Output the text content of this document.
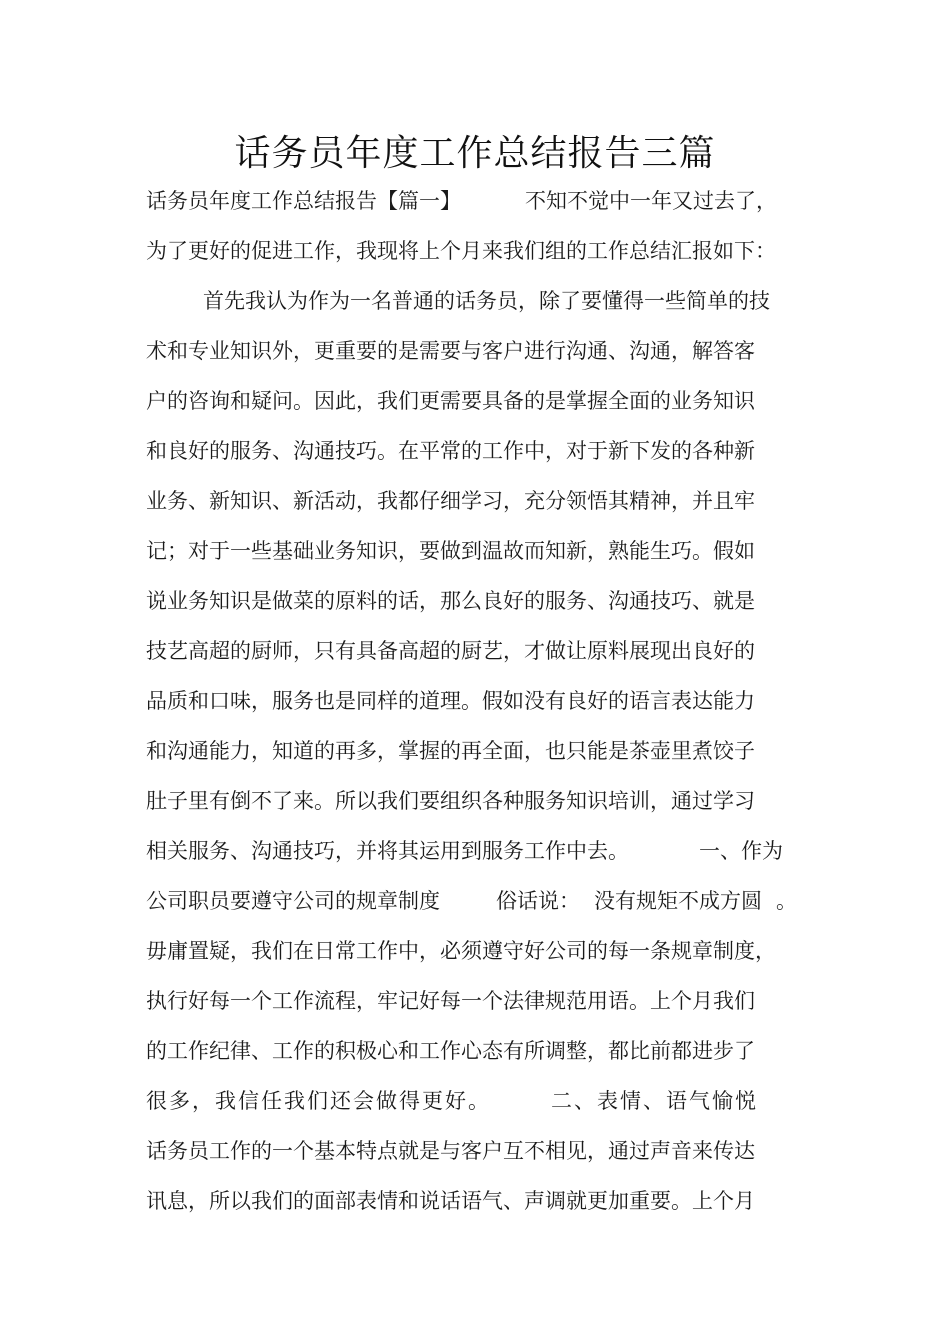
话务员年度工作总结报告三篇
话务员年度工作总结报告【篇一】	不知不觉中一年又过去了，
为了更好的促进工作，我现将上个月来我们组的工作总结汇报如下：
首先我认为作为一名普通的话务员，除了要懂得一些简单的技
术和专业知识外，更重要的是需要与客户进行沟通、沟通，解答客
户的咨询和疑问。因此，我们更需要具备的是掌握全面的业务知识
和良好的服务、沟通技巧。在平常的工作中，对于新下发的各种新
业务、新知识、新活动，我都仔细学习，充分领悟其精神，并且牢
记；对于一些基础业务知识，要做到温故而知新，熟能生巧。假如
说业务知识是做菜的原料的话，那么良好的服务、沟通技巧、就是
技艺高超的厨师，只有具备高超的厨艺，才做让原料展现出良好的
品质和口味，服务也是同样的道理。假如没有良好的语言表达能力
和沟通能力，知道的再多，掌握的再全面，也只能是茶壶里煮饺子
肚子里有倒不了来。所以我们要组织各种服务知识培训，通过学习
相关服务、沟通技巧，并将其运用到服务工作中去。	一、作为
公司职员要遵守公司的规章制度	俗话说： 没有规矩不成方圆 。
毋庸置疑，我们在日常工作中，必须遵守好公司的每一条规章制度，
执行好每一个工作流程，牢记好每一个法律规范用语。上个月我们
的工作纪律、工作的积极心和工作心态有所调整，都比前都进步了
很多，我信任我们还会做得更好。	二、表情、语气愉悦
话务员工作的一个基本特点就是与客户互不相见，通过声音来传达
讯息，所以我们的面部表情和说话语气、声调就更加重要。上个月
